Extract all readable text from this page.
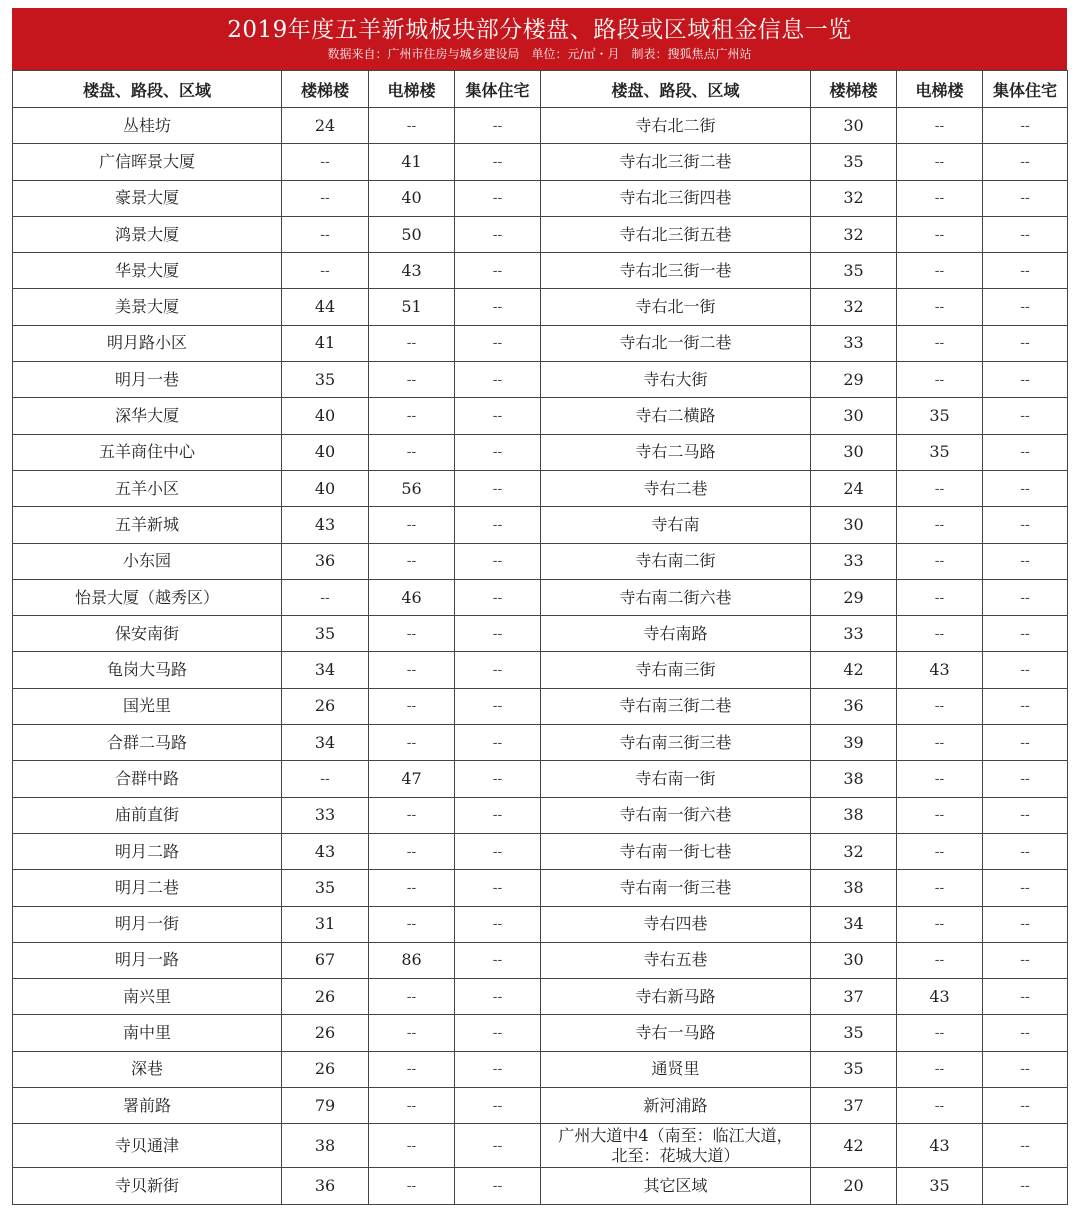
2019年度五羊新城板块部分楼盘、路段或区域租金信息一览
数据来自：广州市住房与城乡建设局　单位：元/㎡・月　制表：搜狐焦点广州站
楼盘、路段、区域	楼梯楼	电梯楼	集体住宅	楼盘、路段、区域	楼梯楼	电梯楼	集体住宅
丛桂坊	24	--	--	寺右北二街	30	--	--
广信晖景大厦	--	41	--	寺右北三街二巷	35	--	--
豪景大厦	--	40	--	寺右北三街四巷	32	--	--
鸿景大厦	--	50	--	寺右北三街五巷	32	--	--
华景大厦	--	43	--	寺右北三街一巷	35	--	--
美景大厦	44	51	--	寺右北一街	32	--	--
明月路小区	41	--	--	寺右北一街二巷	33	--	--
明月一巷	35	--	--	寺右大街	29	--	--
深华大厦	40	--	--	寺右二横路	30	35	--
五羊商住中心	40	--	--	寺右二马路	30	35	--
五羊小区	40	56	--	寺右二巷	24	--	--
五羊新城	43	--	--	寺右南	30	--	--
小东园	36	--	--	寺右南二街	33	--	--
怡景大厦（越秀区）	--	46	--	寺右南二街六巷	29	--	--
保安南街	35	--	--	寺右南路	33	--	--
龟岗大马路	34	--	--	寺右南三街	42	43	--
国光里	26	--	--	寺右南三街二巷	36	--	--
合群二马路	34	--	--	寺右南三街三巷	39	--	--
合群中路	--	47	--	寺右南一街	38	--	--
庙前直街	33	--	--	寺右南一街六巷	38	--	--
明月二路	43	--	--	寺右南一街七巷	32	--	--
明月二巷	35	--	--	寺右南一街三巷	38	--	--
明月一街	31	--	--	寺右四巷	34	--	--
明月一路	67	86	--	寺右五巷	30	--	--
南兴里	26	--	--	寺右新马路	37	43	--
南中里	26	--	--	寺右一马路	35	--	--
深巷	26	--	--	通贤里	35	--	--
署前路	79	--	--	新河浦路	37	--	--
寺贝通津	38	--	--	广州大道中4（南至：临江大道，北至：花城大道）	42	43	--
寺贝新街	36	--	--	其它区域	20	35	--
